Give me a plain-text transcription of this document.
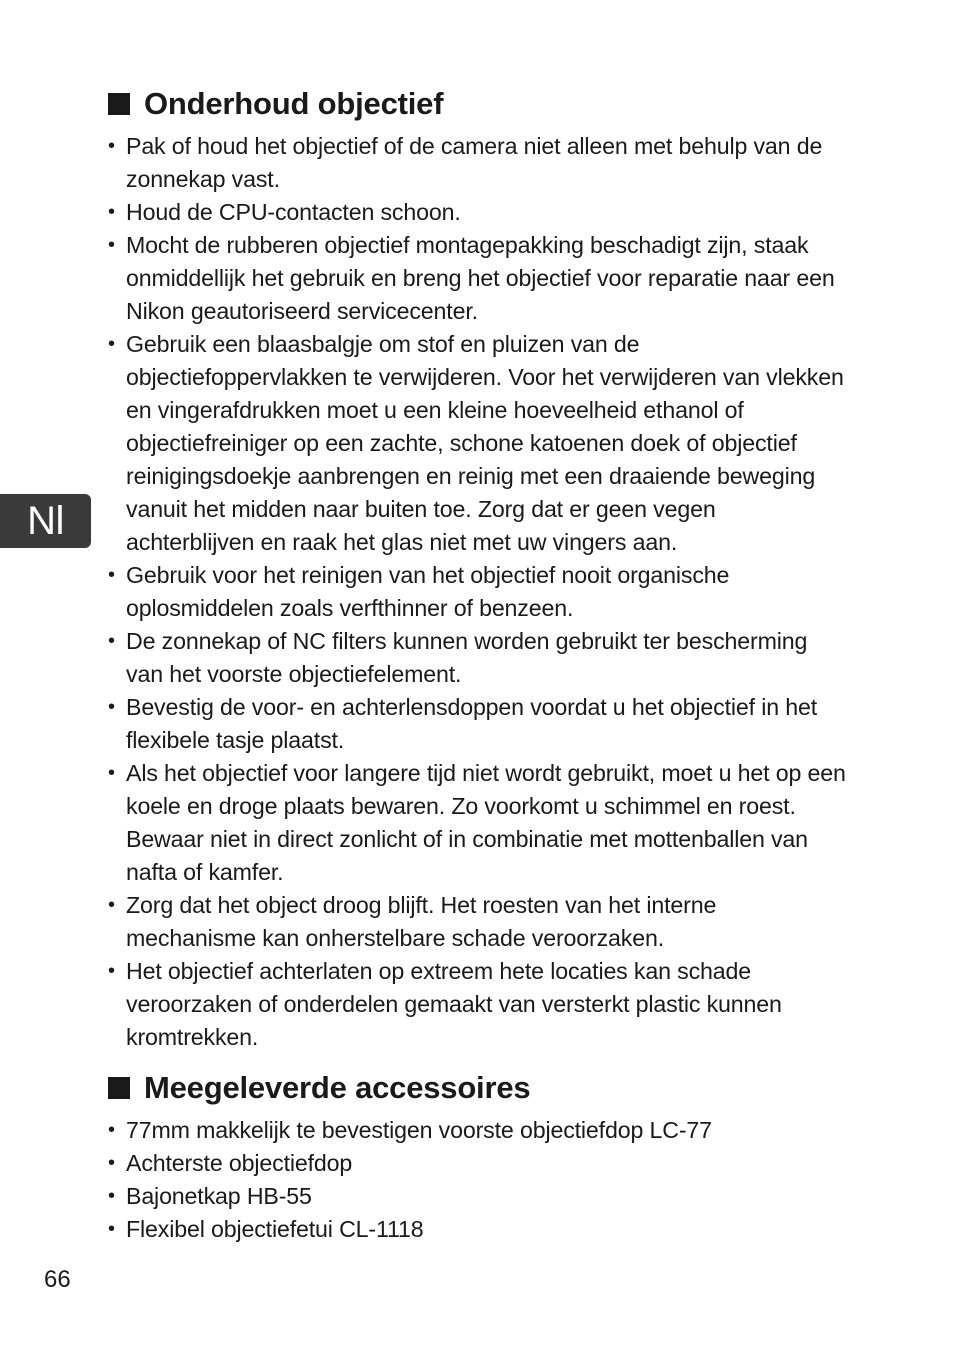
Onderhoud objectief
• Pak of houd het objectief of de camera niet alleen met behulp van de zonnekap vast.
• Houd de CPU-contacten schoon.
• Mocht de rubberen objectief montagepakking beschadigt zijn, staak onmiddellijk het gebruik en breng het objectief voor reparatie naar een Nikon geautoriseerd servicecenter.
• Gebruik een blaasbalgje om stof en pluizen van de objectiefoppervlakken te verwijderen. Voor het verwijderen van vlekken en vingerafdrukken moet u een kleine hoeveelheid ethanol of objectiefreiniger op een zachte, schone katoenen doek of objectief reinigingsdoekje aanbrengen en reinig met een draaiende beweging vanuit het midden naar buiten toe. Zorg dat er geen vegen achterblijven en raak het glas niet met uw vingers aan.
• Gebruik voor het reinigen van het objectief nooit organische oplosmiddelen zoals verfthinner of benzeen.
• De zonnekap of NC filters kunnen worden gebruikt ter bescherming van het voorste objectiefelement.
• Bevestig de voor- en achterlensdoppen voordat u het objectief in het flexibele tasje plaatst.
• Als het objectief voor langere tijd niet wordt gebruikt, moet u het op een koele en droge plaats bewaren. Zo voorkomt u schimmel en roest. Bewaar niet in direct zonlicht of in combinatie met mottenballen van nafta of kamfer.
• Zorg dat het object droog blijft. Het roesten van het interne mechanisme kan onherstelbare schade veroorzaken.
• Het objectief achterlaten op extreem hete locaties kan schade veroorzaken of onderdelen gemaakt van versterkt plastic kunnen kromtrekken.
Meegeleverde accessoires
• 77mm makkelijk te bevestigen voorste objectiefdop LC-77
• Achterste objectiefdop
• Bajonetkap HB-55
• Flexibel objectiefetui CL-1118
Nl
66
